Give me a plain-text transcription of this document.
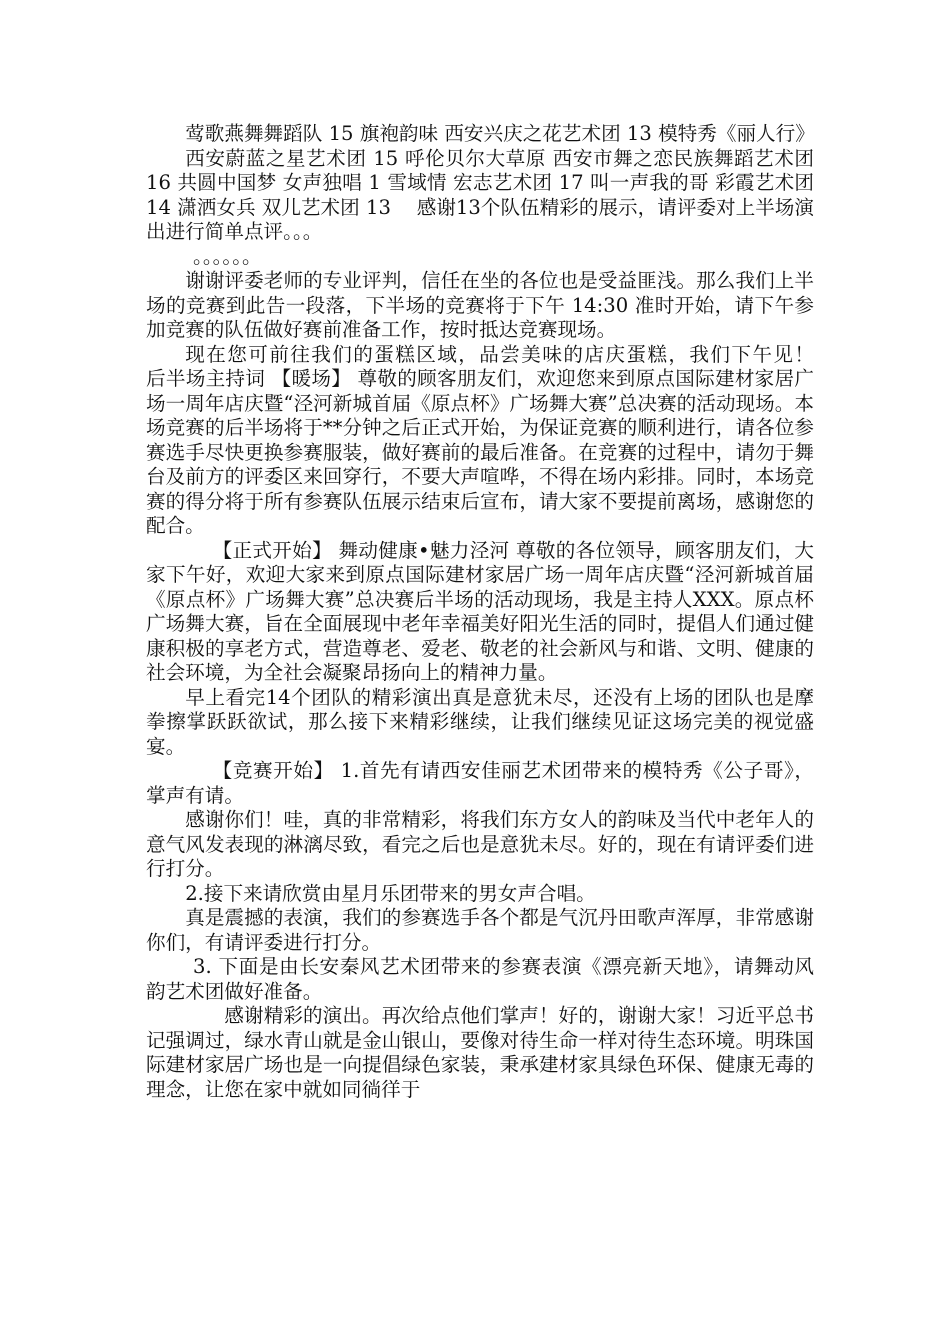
莺歌燕舞舞蹈队 15 旗袍韵味 西安兴庆之花艺术团 13 模特秀《丽人行》

西安蔚蓝之星艺术团 15 呼伦贝尔大草原 西安市舞之恋民族舞蹈艺术团 16 共圆中国梦 女声独唱 1 雪域情 宏志艺术团 17 叫一声我的哥 彩霞艺术团 14 潇洒女兵 双儿艺术团 13　 感谢13个队伍精彩的展示，请评委对上半场演出进行简单点评。。。

。。。。。。

谢谢评委老师的专业评判，信任在坐的各位也是受益匪浅。那么我们上半场的竞赛到此告一段落，下半场的竞赛将于下午 14:30 准时开始，请下午参加竞赛的队伍做好赛前准备工作，按时抵达竞赛现场。

现在您可前往我们的蛋糕区域，品尝美味的店庆蛋糕，我们下午见！　　　　　后半场主持词 【暖场】 尊敬的顾客朋友们，欢迎您来到原点国际建材家居广场一周年店庆暨“泾河新城首届《原点杯》广场舞大赛”总决赛的活动现场。本场竞赛的后半场将于**分钟之后正式开始，为保证竞赛的顺利进行，请各位参赛选手尽快更换参赛服装，做好赛前的最后准备。在竞赛的过程中，请勿于舞台及前方的评委区来回穿行，不要大声喧哗，不得在场内彩排。同时，本场竞赛的得分将于所有参赛队伍展示结束后宣布，请大家不要提前离场，感谢您的配合。

【正式开始】 舞动健康•魅力泾河 尊敬的各位领导，顾客朋友们，大家下午好，欢迎大家来到原点国际建材家居广场一周年店庆暨“泾河新城首届《原点杯》广场舞大赛”总决赛后半场的活动现场，我是主持人XXX。原点杯广场舞大赛，旨在全面展现中老年幸福美好阳光生活的同时，提倡人们通过健康积极的享老方式，营造尊老、爱老、敬老的社会新风与和谐、文明、健康的社会环境，为全社会凝聚昂扬向上的精神力量。

早上看完14个团队的精彩演出真是意犹未尽，还没有上场的团队也是摩拳擦掌跃跃欲试，那么接下来精彩继续，让我们继续见证这场完美的视觉盛宴。

【竞赛开始】 1.首先有请西安佳丽艺术团带来的模特秀《公子哥》，掌声有请。

感谢你们！哇，真的非常精彩，将我们东方女人的韵味及当代中老年人的意气风发表现的淋漓尽致，看完之后也是意犹未尽。好的，现在有请评委们进行打分。

2.接下来请欣赏由星月乐团带来的男女声合唱。

真是震撼的表演，我们的参赛选手各个都是气沉丹田歌声浑厚，非常感谢你们，有请评委进行打分。

3. 下面是由长安秦风艺术团带来的参赛表演《漂亮新天地》，请舞动风韵艺术团做好准备。

感谢精彩的演出。再次给点他们掌声！好的，谢谢大家！习近平总书记强调过，绿水青山就是金山银山，要像对待生命一样对待生态环境。明珠国际建材家居广场也是一向提倡绿色家装，秉承建材家具绿色环保、健康无毒的理念，让您在家中就如同徜徉于
